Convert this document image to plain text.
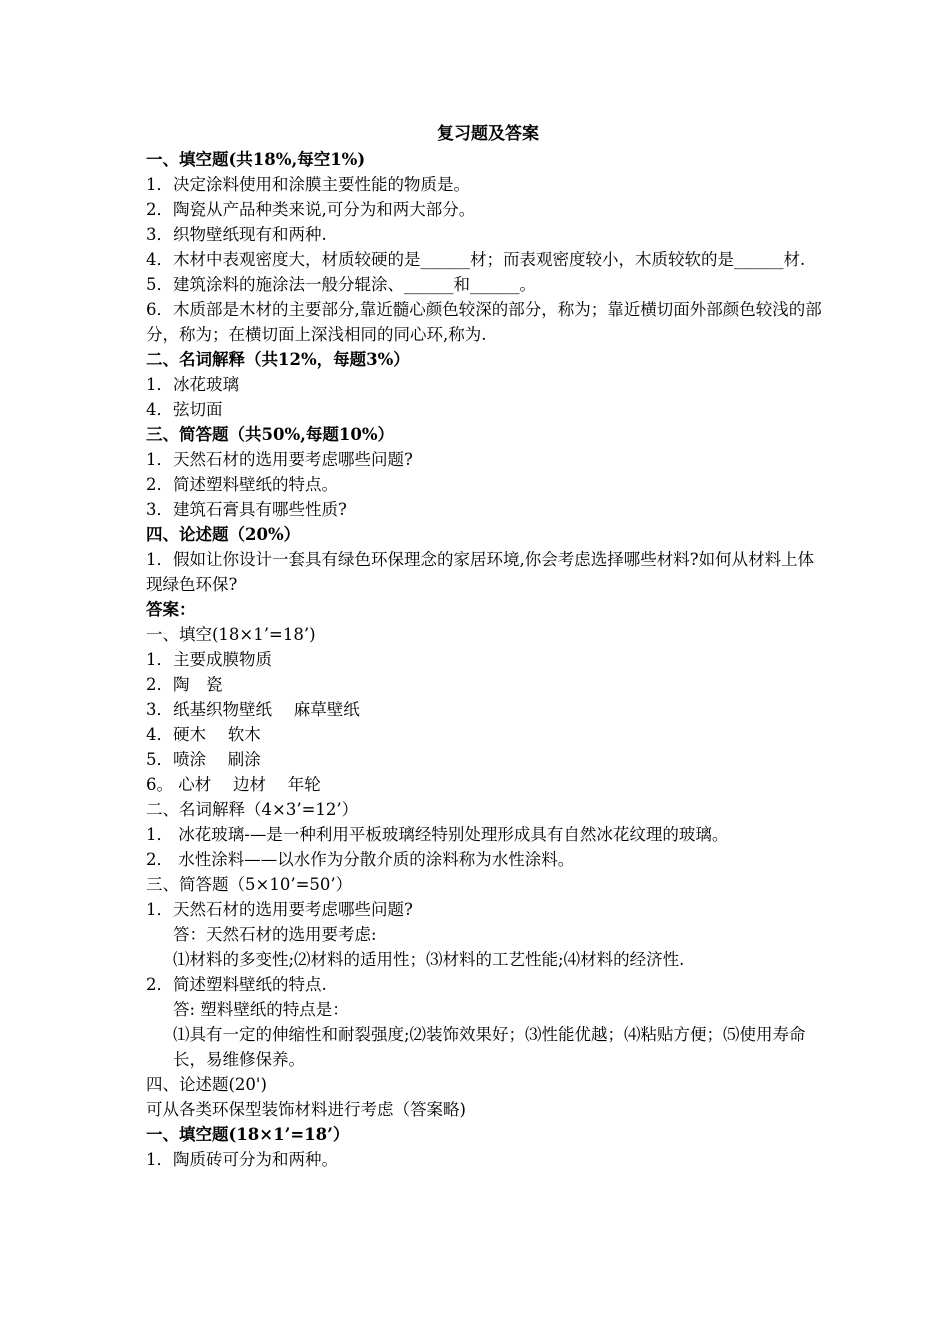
复习题及答案
一、填空题(共18%,每空1%)
1．决定涂料使用和涂膜主要性能的物质是。
2．陶瓷从产品种类来说,可分为和两大部分。
3．织物壁纸现有和两种.
4．木材中表观密度大，材质较硬的是______材；而表观密度较小，木质较软的是______材.
5．建筑涂料的施涂法一般分辊涂、______和______。
6．木质部是木材的主要部分,靠近髓心颜色较深的部分，称为；靠近横切面外部颜色较浅的部分，称为；在横切面上深浅相同的同心环,称为.
二、名词解释（共12%，每题3%）
1．冰花玻璃
4．弦切面
三、简答题（共50%,每题10%）
1．天然石材的选用要考虑哪些问题?
2．简述塑料壁纸的特点。
3．建筑石膏具有哪些性质?
四、论述题（20%）
1．假如让你设计一套具有绿色环保理念的家居环境,你会考虑选择哪些材料?如何从材料上体现绿色环保?
答案：
一、填空(18×1’=18’)
1．主要成膜物质
2．陶　瓷
3．纸基织物壁纸　 麻草壁纸
4．硬木　 软木
5．喷涂　 刷涂
6。 心材　 边材　 年轮
二、名词解释（4×3’=12’）
1． 冰花玻璃-—是一种利用平板玻璃经特别处理形成具有自然冰花纹理的玻璃。
2． 水性涂料——以水作为分散介质的涂料称为水性涂料。
三、简答题（5×10’=50’）
1．天然石材的选用要考虑哪些问题?
答：天然石材的选用要考虑:
⑴材料的多变性;⑵材料的适用性；⑶材料的工艺性能;⑷材料的经济性.
2．简述塑料壁纸的特点.
答: 塑料壁纸的特点是：
⑴具有一定的伸缩性和耐裂强度;⑵装饰效果好；⑶性能优越；⑷粘贴方便；⑸使用寿命长，易维修保养。
四、论述题(20')
可从各类环保型装饰材料进行考虑（答案略)
一、填空题(18×1’=18’）
1．陶质砖可分为和两种。
